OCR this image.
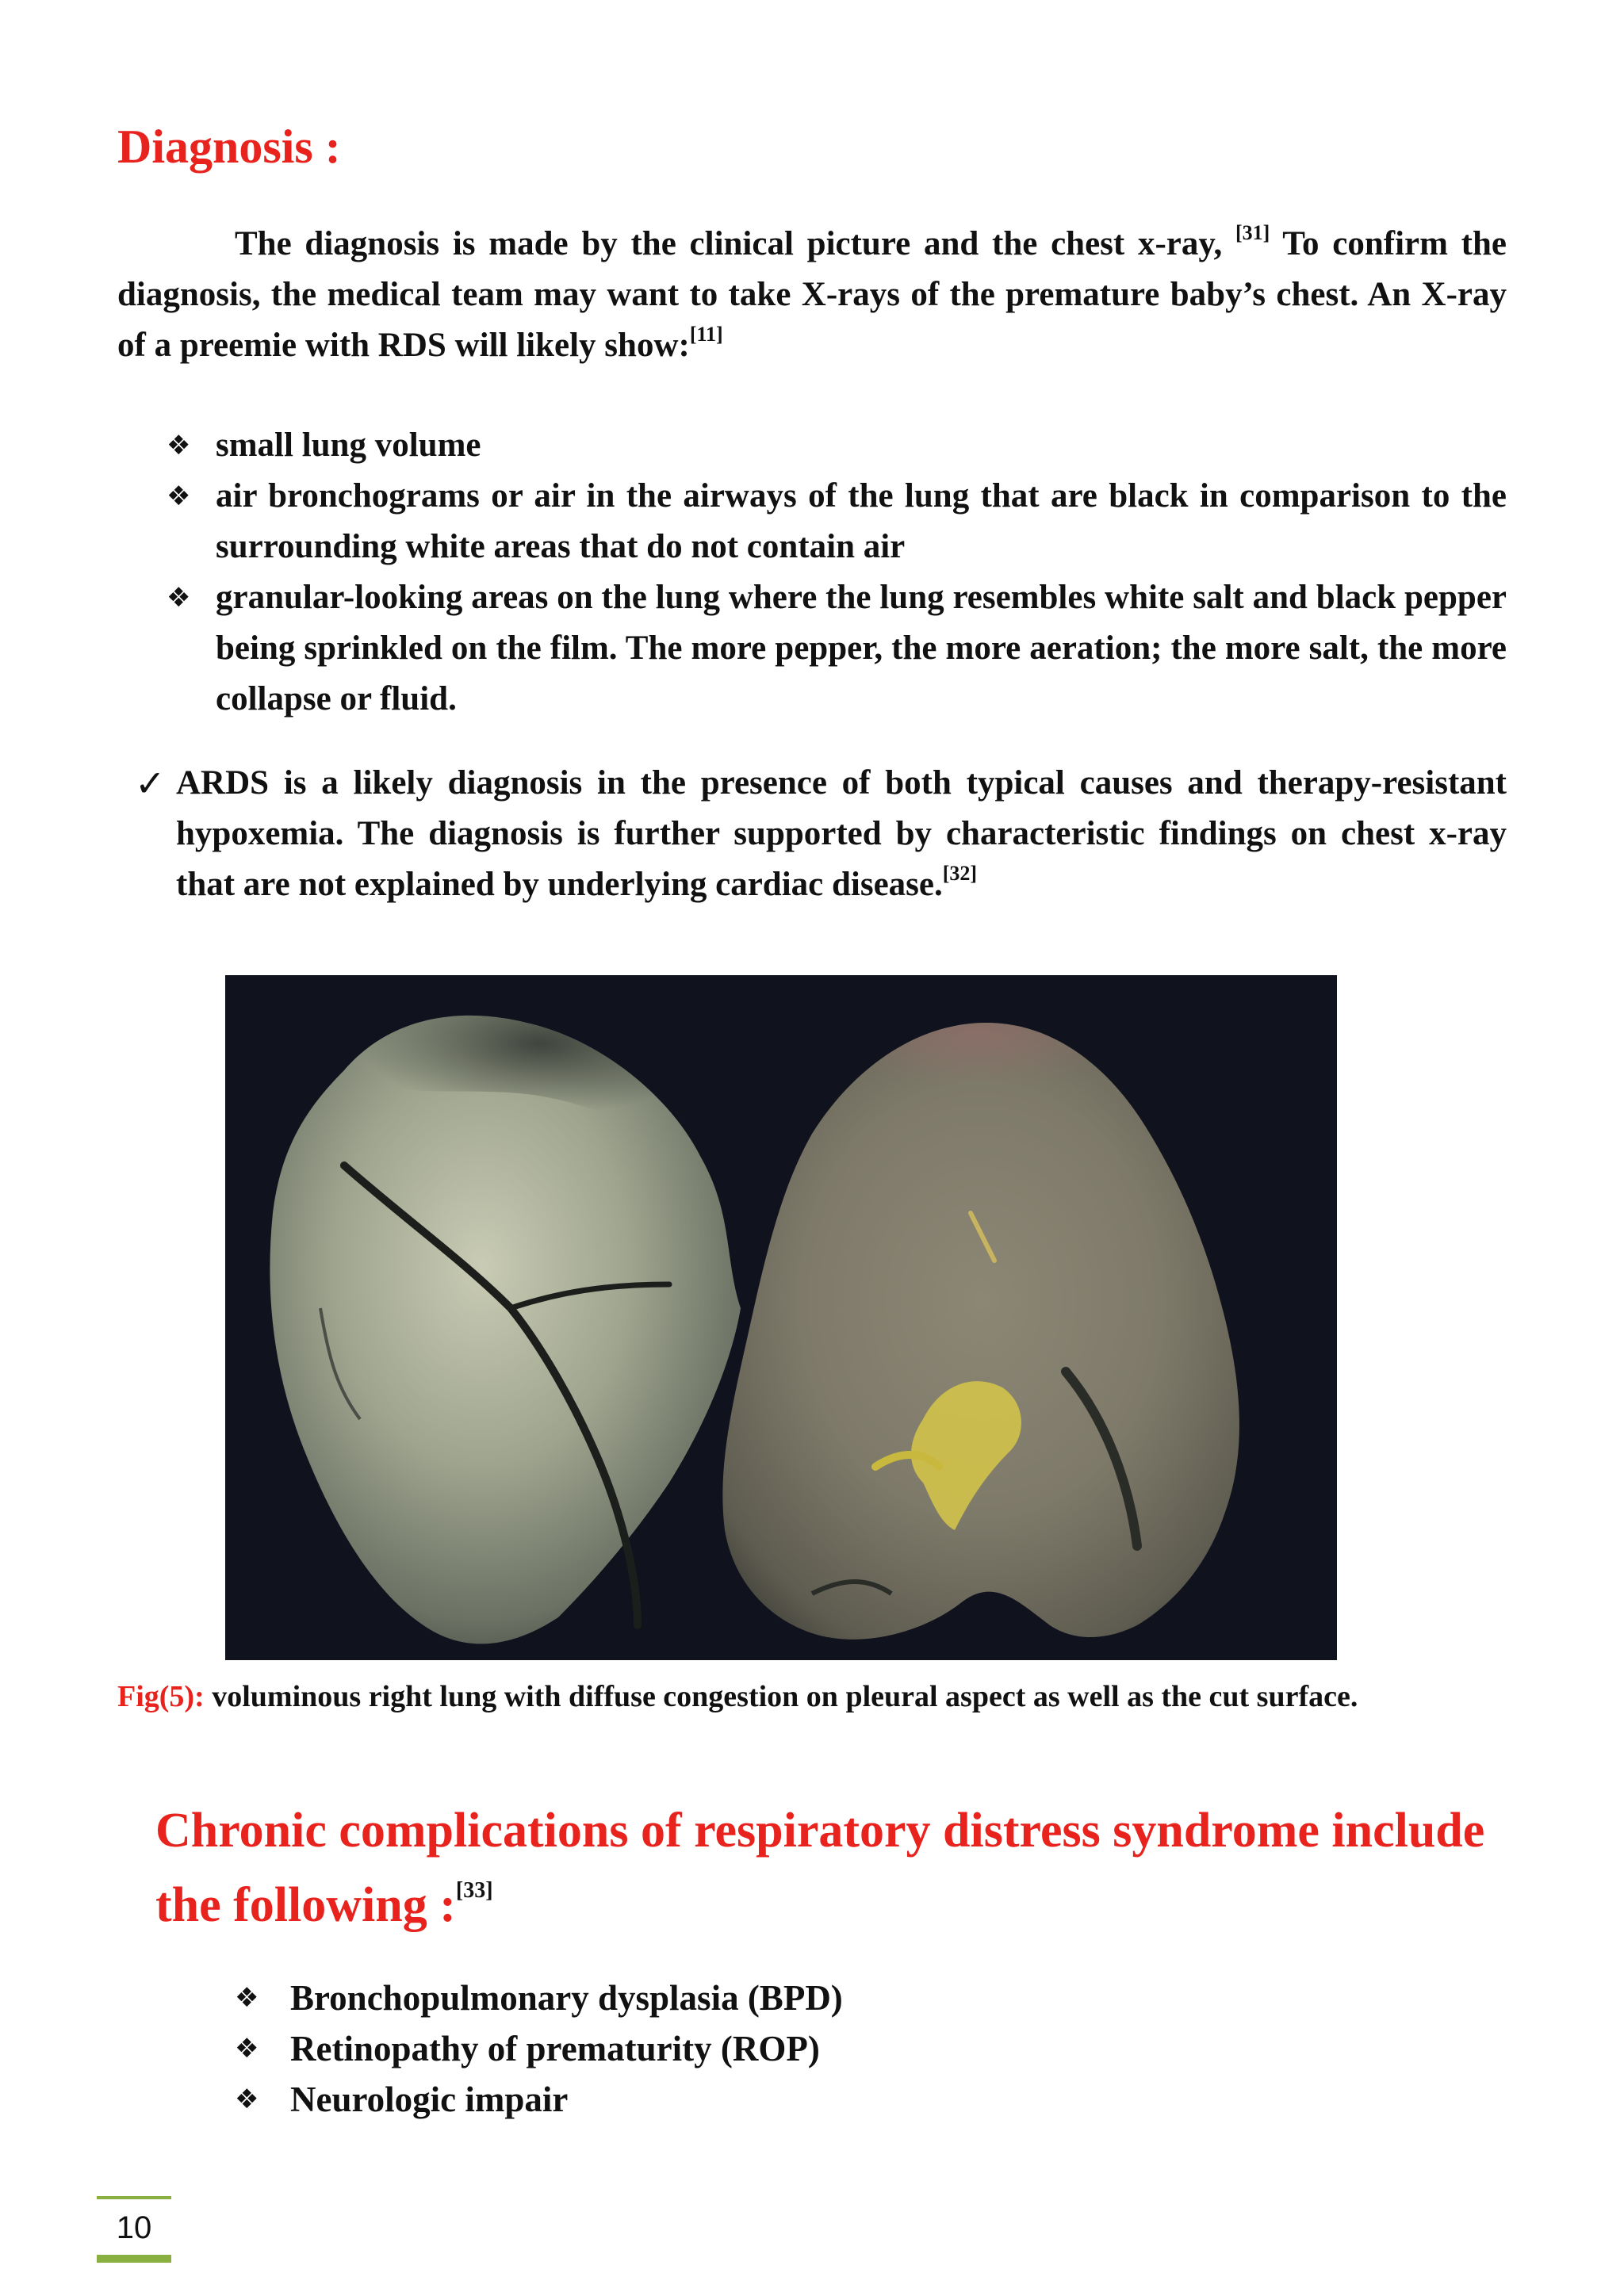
Diagnosis :

The diagnosis is made by the clinical picture and the chest x-ray, [31] To confirm the diagnosis, the medical team may want to take X-rays of the premature baby’s chest. An X-ray of a preemie with RDS will likely show:[11]

❖ small lung volume
❖ air bronchograms or air in the airways of the lung that are black in comparison to the surrounding white areas that do not contain air
❖ granular-looking areas on the lung where the lung resembles white salt and black pepper being sprinkled on the film. The more pepper, the more aeration; the more salt, the more collapse or fluid.
✓ ARDS is a likely diagnosis in the presence of both typical causes and therapy-resistant hypoxemia. The diagnosis is further supported by characteristic findings on chest x-ray that are not explained by underlying cardiac disease.[32]

Fig(5): voluminous right lung with diffuse congestion on pleural aspect as well as the cut surface.

Chronic complications of respiratory distress syndrome include the following :[33]
❖ Bronchopulmonary dysplasia (BPD)
❖ Retinopathy of prematurity (ROP)
❖ Neurologic impair
10
